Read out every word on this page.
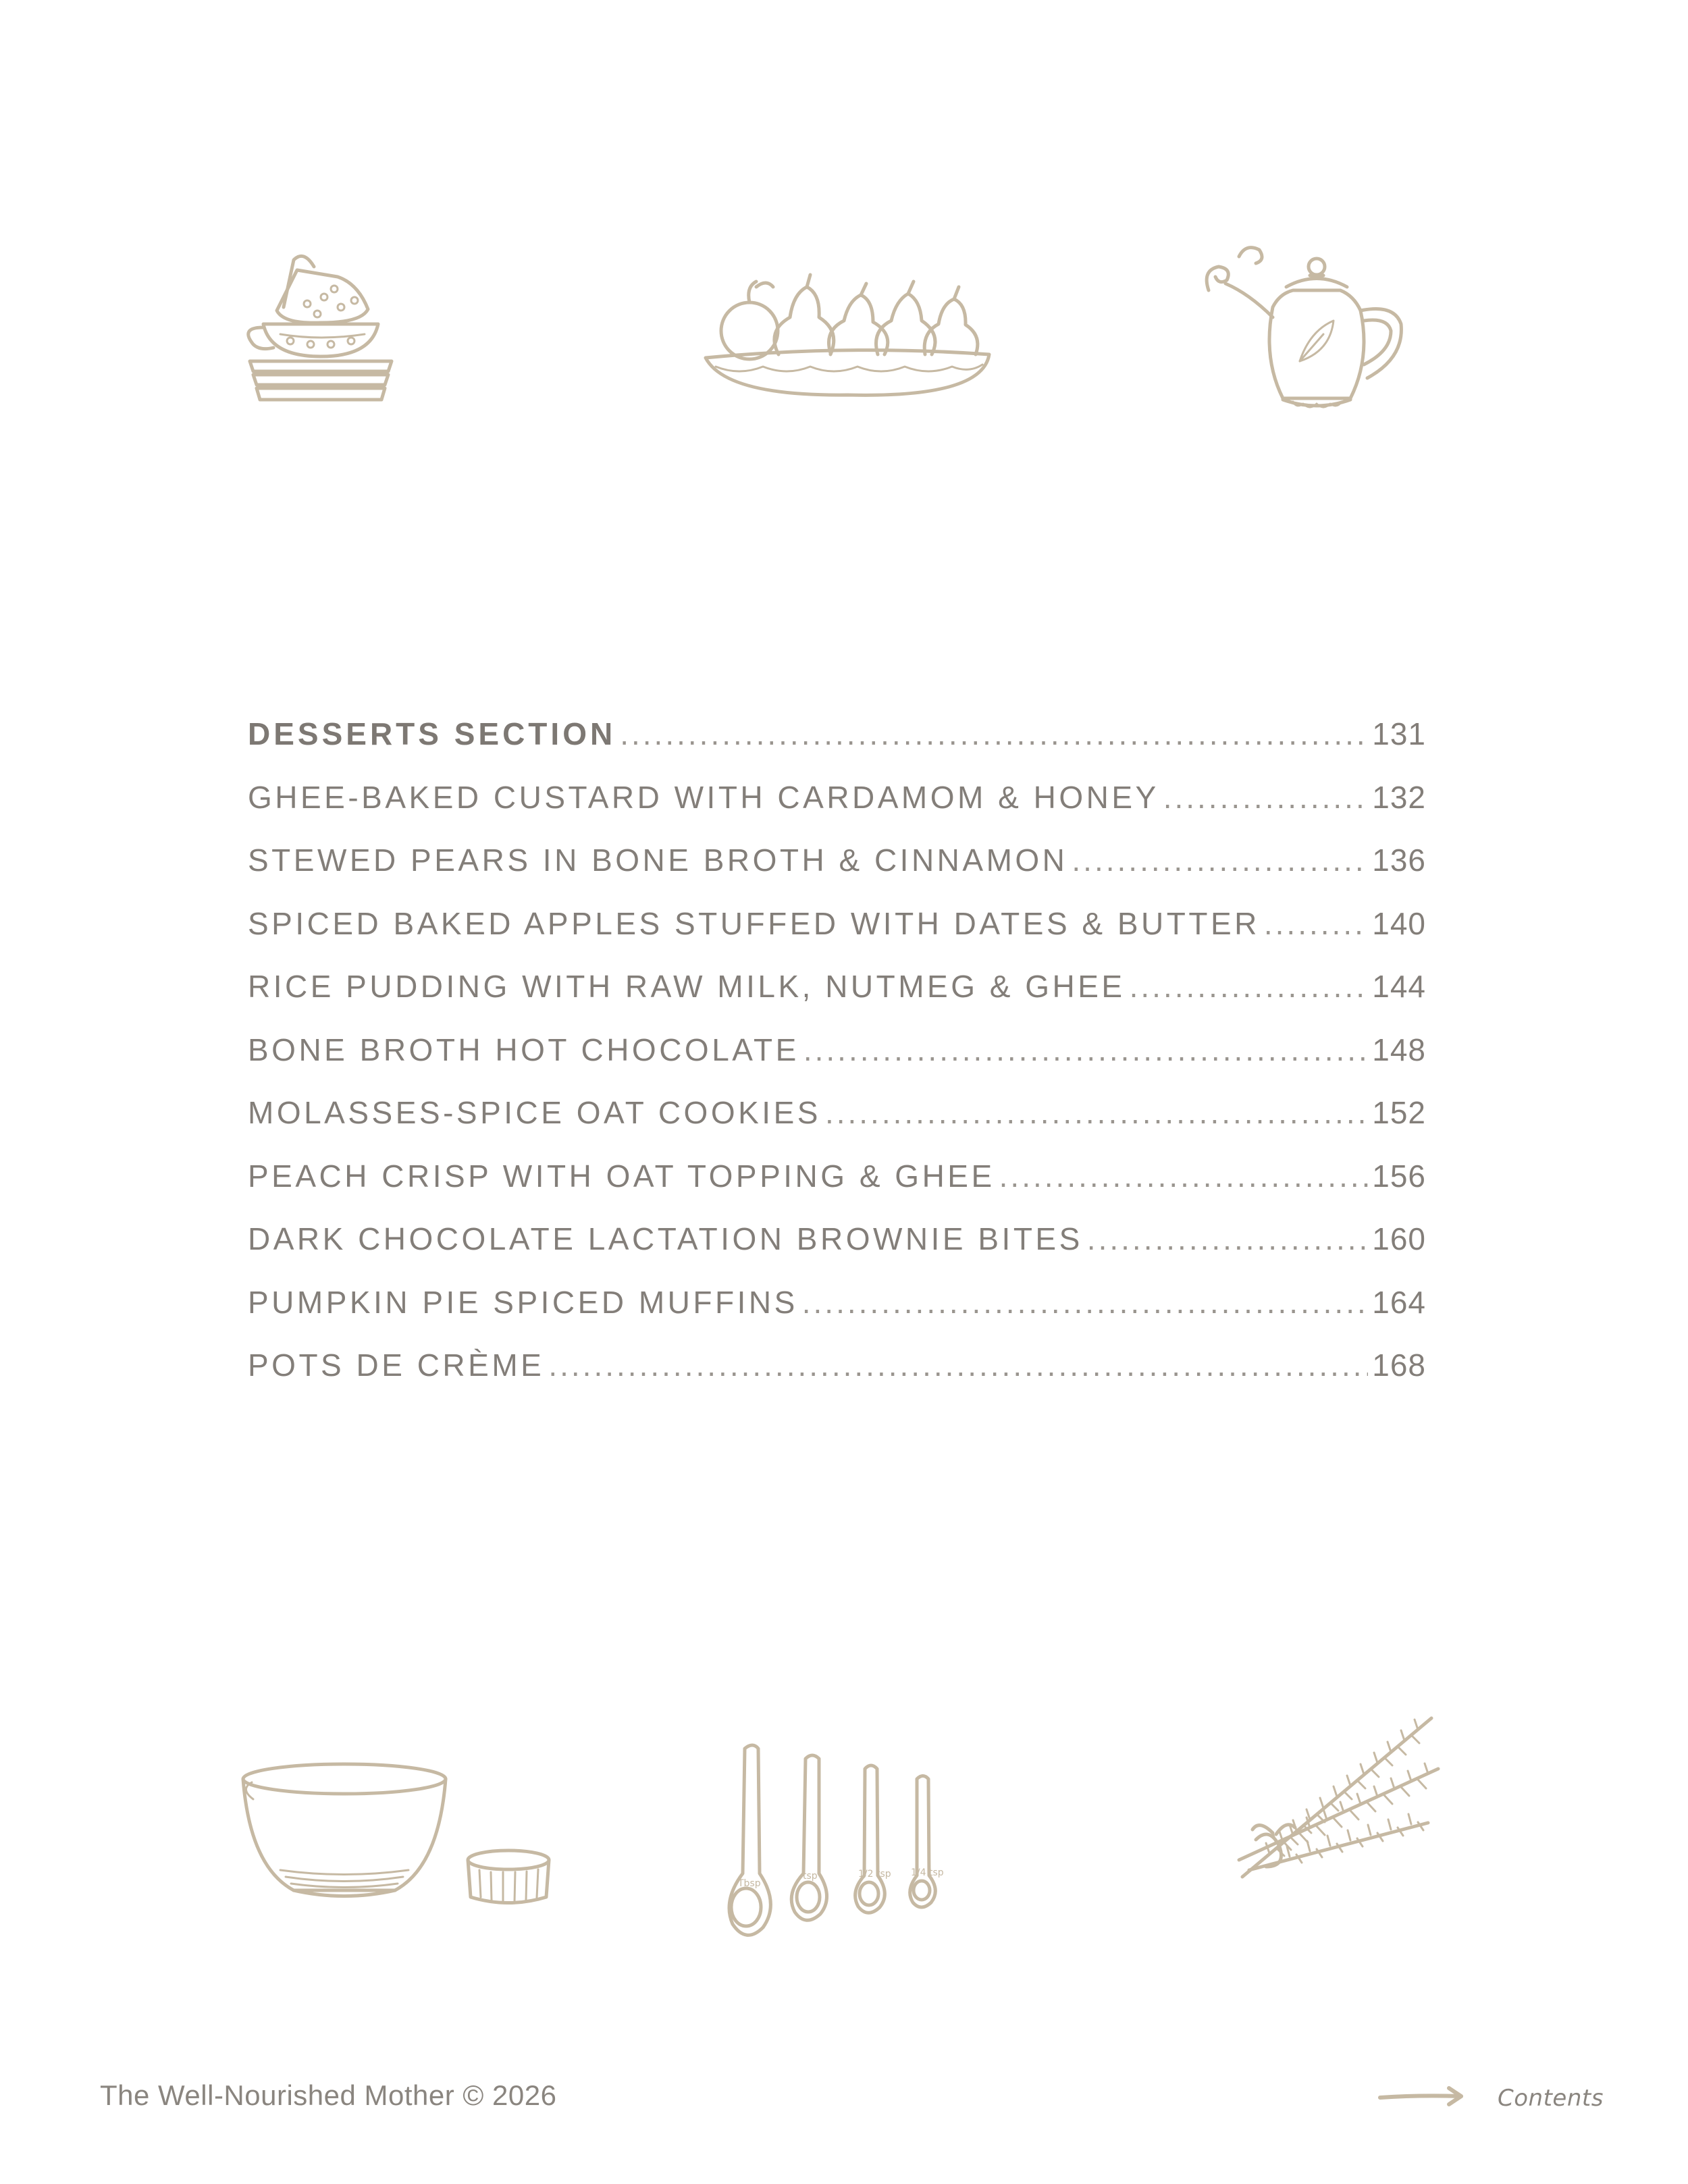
DESSERTS SECTION .....	131
GHEE-BAKED CUSTARD WITH CARDAMOM & HONEY .....	132
STEWED PEARS IN BONE BROTH & CINNAMON .....	136
SPICED BAKED APPLES STUFFED WITH DATES & BUTTER .....	140
RICE PUDDING WITH RAW MILK, NUTMEG & GHEE .....	144
BONE BROTH HOT CHOCOLATE .....	148
MOLASSES-SPICE OAT COOKIES .....	152
PEACH CRISP WITH OAT TOPPING & GHEE .....	156
DARK CHOCOLATE LACTATION BROWNIE BITES .....	160
PUMPKIN PIE SPICED MUFFINS .....	164
POTS DE CRÈME .....	168
Tbsp
tsp	1/2 tsp 1/4 tsp
The Well-Nourished Mother © 2026	Contents
